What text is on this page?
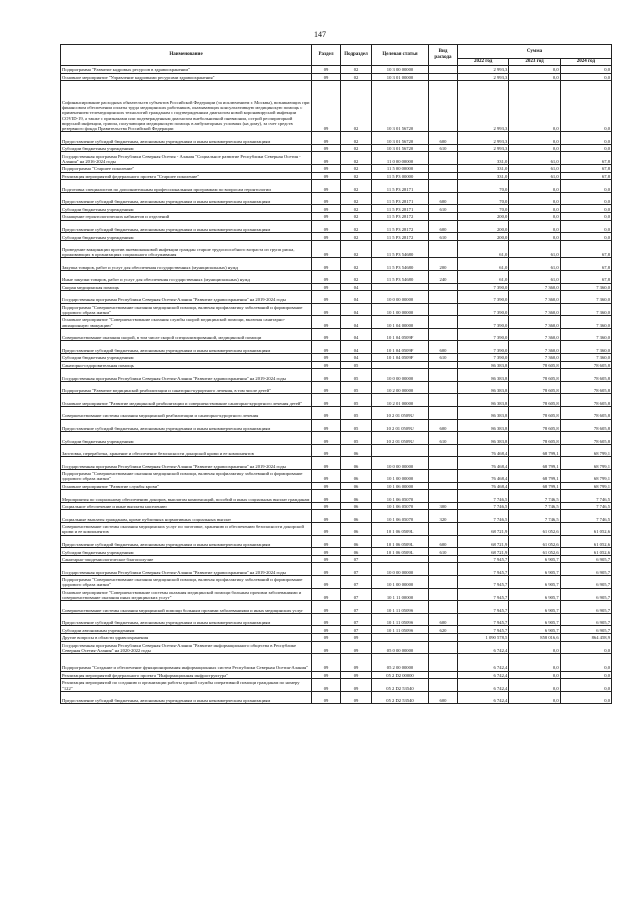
147
Наименование	Раздел	Подраздел	Целевая статья	Вид расхода	Сумма		
					2022 год	2023 год	2024 год
Подпрограмма "Развитие кадровых ресурсов в здравоохранении"	09	02	10 3 00 00000		2 993,3	0,0	0,0
Основное мероприятие "Управление кадровыми ресурсами здравоохранения"	09	02	10 3 01 00000		2 993,3	0,0	0,0
Софинансирование расходных обязательств субъектов Российской Федерации (за исключением г. Москвы), возникающих при финансовом обеспечении оплаты труда медицинских работников, оказывающих консультативную медицинскую помощь с применением телемедицинских технологий гражданам с подтвержденным диагнозом новой коронавирусной инфекции COVID-19, а также с признаками или подтвержденным диагнозом внебольничной пневмонии, острой респираторной вирусной инфекции, гриппа, получающим медицинскую помощь в амбулаторных условиях (на дому), за счет средств резервного фонда Правительства Российской Федерации	09	02	10 3 01 56720		2 993,3	0,0	0,0
Предоставление субсидий бюджетным, автономным учреждениям и иным некоммерческим организациям	09	02	10 3 01 56720	600	2 993,3	0,0	0,0
Субсидии бюджетным учреждениям	09	02	10 3 01 56720	610	2 993,3	0,0	0,0
Государственная программа Республики Северная Осетия - Алания "Социальное развитие Республики Северная Осетия - Алания" на 2016-2024 годы	09	02	11 0 00 00000		331,0	61,0	67,8
Подпрограмма "Старшее поколение"	09	02	11 5 00 00000		331,0	61,0	67,8
Реализация мероприятий федерального проекта "Старшее поколение"	09	02	11 5 P3 00000		331,0	61,0	67,8
Подготовка специалистов по дополнительным профессиональным программам по вопросам геронтологии	09	02	11 5 P3 28171		70,0	0,0	0,0
Предоставление субсидий бюджетным, автономным учреждениям и иным некоммерческим организациям	09	02	11 5 P3 28171	600	70,0	0,0	0,0
Субсидии бюджетным учреждениям	09	02	11 5 P3 28171	610	70,0	0,0	0,0
Оснащение геронтологических кабинетов и отделений	09	02	11 5 P3 28172		200,0	0,0	0,0
Предоставление субсидий бюджетным, автономным учреждениям и иным некоммерческим организациям	09	02	11 5 P3 28172	600	200,0	0,0	0,0
Субсидии бюджетным учреждениям	09	02	11 5 P3 28172	610	200,0	0,0	0,0
Проведение вакцинации против пневмококковой инфекции граждан старше трудоспособного возраста из групп риска, проживающих в организациях социального обслуживания	09	02	11 5 P3 54680		61,0	61,0	67,8
Закупка товаров, работ и услуг для обеспечения государственных (муниципальных) нужд	09	02	11 5 P3 54680	200	61,0	61,0	67,8
Иные закупки товаров, работ и услуг для обеспечения государственных (муниципальных) нужд	09	02	11 5 P3 54680	240	61,0	61,0	67,8
Скорая медицинская помощь	09	04			7 390,0	7 360,0	7 360,0
Государственная программа Республики Северная Осетия-Алания "Развитие здравоохранения" на 2019-2024 годы	09	04	10 0 00 00000		7 390,0	7 360,0	7 360,0
Подпрограмма "Совершенствование оказания медицинской помощи, включая профилактику заболеваний и формирование здорового образа жизни"	09	04	10 1 00 00000		7 390,0	7 360,0	7 360,0
Основное мероприятие "Совершенствование оказания службы скорой медицинской помощи, включая санитарно-авиационную эвакуацию"	09	04	10 1 04 00000		7 390,0	7 360,0	7 360,0
Совершенствование оказания скорой, в том числе скорой специализированной, медицинской помощи	09	04	10 1 04 0509F		7 390,0	7 360,0	7 360,0
Предоставление субсидий бюджетным, автономным учреждениям и иным некоммерческим организациям	09	04	10 1 04 0509F	600	7 390,0	7 360,0	7 360,0
Субсидии бюджетным учреждениям	09	04	10 1 04 0509F	610	7 390,0	7 360,0	7 360,0
Санаторно-оздоровительная помощь	09	05			86 383,8	78 605,8	78 605,8
Государственная программа Республики Северная Осетия-Алания "Развитие здравоохранения" на 2019-2024 годы	09	05	10 0 00 00000		86 383,8	78 605,8	78 605,8
Подпрограмма "Развитие медицинской реабилитации и санаторно-курортного лечения, в том числе детей"	09	05	10 2 00 00000		86 383,8	78 605,8	78 605,8
Основное мероприятие "Развитие медицинской реабилитации и совершенствование санаторно-курортного лечения детей"	09	05	10 2 01 00000		86 383,8	78 605,8	78 605,8
Совершенствование системы оказания медицинской реабилитации и санаторно-курортного лечения	09	05	10 2 01 0509U		86 383,8	78 605,8	78 605,8
Предоставление субсидий бюджетным, автономным учреждениям и иным некоммерческим организациям	09	05	10 2 01 0509U	600	86 383,8	78 605,8	78 605,8
Субсидии бюджетным учреждениям	09	05	10 2 01 0509U	610	86 383,8	78 605,8	78 605,8
Заготовка, переработка, хранение и обеспечение безопасности донорской крови и ее компонентов	09	06			76 468,4	68 799,1	68 799,1
Государственная программа Республики Северная Осетия-Алания "Развитие здравоохранения" на 2019-2024 годы	09	06	10 0 00 00000		76 468,4	68 799,1	68 799,1
Подпрограмма "Совершенствование оказания медицинской помощи, включая профилактику заболеваний и формирование здорового образа жизни"	09	06	10 1 00 00000		76 468,4	68 799,1	68 799,1
Основное мероприятие "Развитие службы крови"	09	06	10 1 06 00000		76 468,4	68 799,1	68 799,1
Мероприятия по социальному обеспечению доноров, выплатам компенсаций, пособий и иных социальных выплат гражданам	09	06	10 1 06 05070		7 746,5	7 746,5	7 746,5
Социальное обеспечение и иные выплаты населению	09	06	10 1 06 05070	300	7 746,5	7 746,5	7 746,5
Социальные выплаты гражданам, кроме публичных нормативных социальных выплат	09	06	10 1 06 05070	320	7 746,5	7 746,5	7 746,5
Совершенствование системы оказания медицинских услуг по заготовке, хранению и обеспечению безопасности донорской крови и ее компонентов	09	06	10 1 06 0509L		68 721,9	61 052,6	61 052,6
Предоставление субсидий бюджетным, автономным учреждениям и иным некоммерческим организациям	09	06	10 1 06 0509L	600	68 721,9	61 052,6	61 052,6
Субсидии бюджетным учреждениям	09	06	10 1 06 0509L	610	68 721,9	61 052,6	61 052,6
Санитарно-эпидемиологическое благополучие	09	07			7 945,7	6 905,7	6 905,7
Государственная программа Республики Северная Осетия-Алания "Развитие здравоохранения" на 2019-2024 годы	09	07	10 0 00 00000		7 945,7	6 905,7	6 905,7
Подпрограмма "Совершенствование оказания медицинской помощи, включая профилактику заболеваний и формирование здорового образа жизни"	09	07	10 1 00 00000		7 945,7	6 905,7	6 905,7
Основное мероприятие "Совершенствование системы оказания медицинской помощи больным прочими заболеваниями и совершенствование оказания иных медицинских услуг"	09	07	10 1 11 00000		7 945,7	6 905,7	6 905,7
Совершенствование системы оказания медицинской помощи больным прочими заболеваниями и иных медицинских услуг	09	07	10 1 11 0509S		7 945,7	6 905,7	6 905,7
Предоставление субсидий бюджетным, автономным учреждениям и иным некоммерческим организациям	09	07	10 1 11 0509S	600	7 945,7	6 905,7	6 905,7
Субсидии автономным учреждениям	09	07	10 1 11 0509S	620	7 945,7	6 905,7	6 905,7
Другие вопросы в области здравоохранения	09	09			1 090 578,5	858 016,6	864 458,9
Государственная программа Республики Северная Осетия-Алания "Развитие информационного общества в Республике Северная Осетия-Алания" на 2020-2022 годы	09	09	05 0 00 00000		6 742,4	0,0	0,0
Подпрограмма "Создание и обеспечение функционирования информационных систем Республики Северная Осетия-Алания"	09	09	05 2 00 00000		6 742,4	0,0	0,0
Реализация мероприятий федерального проекта "Информационная инфраструктура"	09	09	05 2 D2 00000		6 742,4	0,0	0,0
Реализация мероприятий по созданию и организации работы единой службы оперативной помощи гражданам по номеру "122"	09	09	05 2 D2 53540		6 742,4	0,0	0,0
Предоставление субсидий бюджетным, автономным учреждениям и иным некоммерческим организациям	09	09	05 2 D2 53540	600	6 742,4	0,0	0,0
